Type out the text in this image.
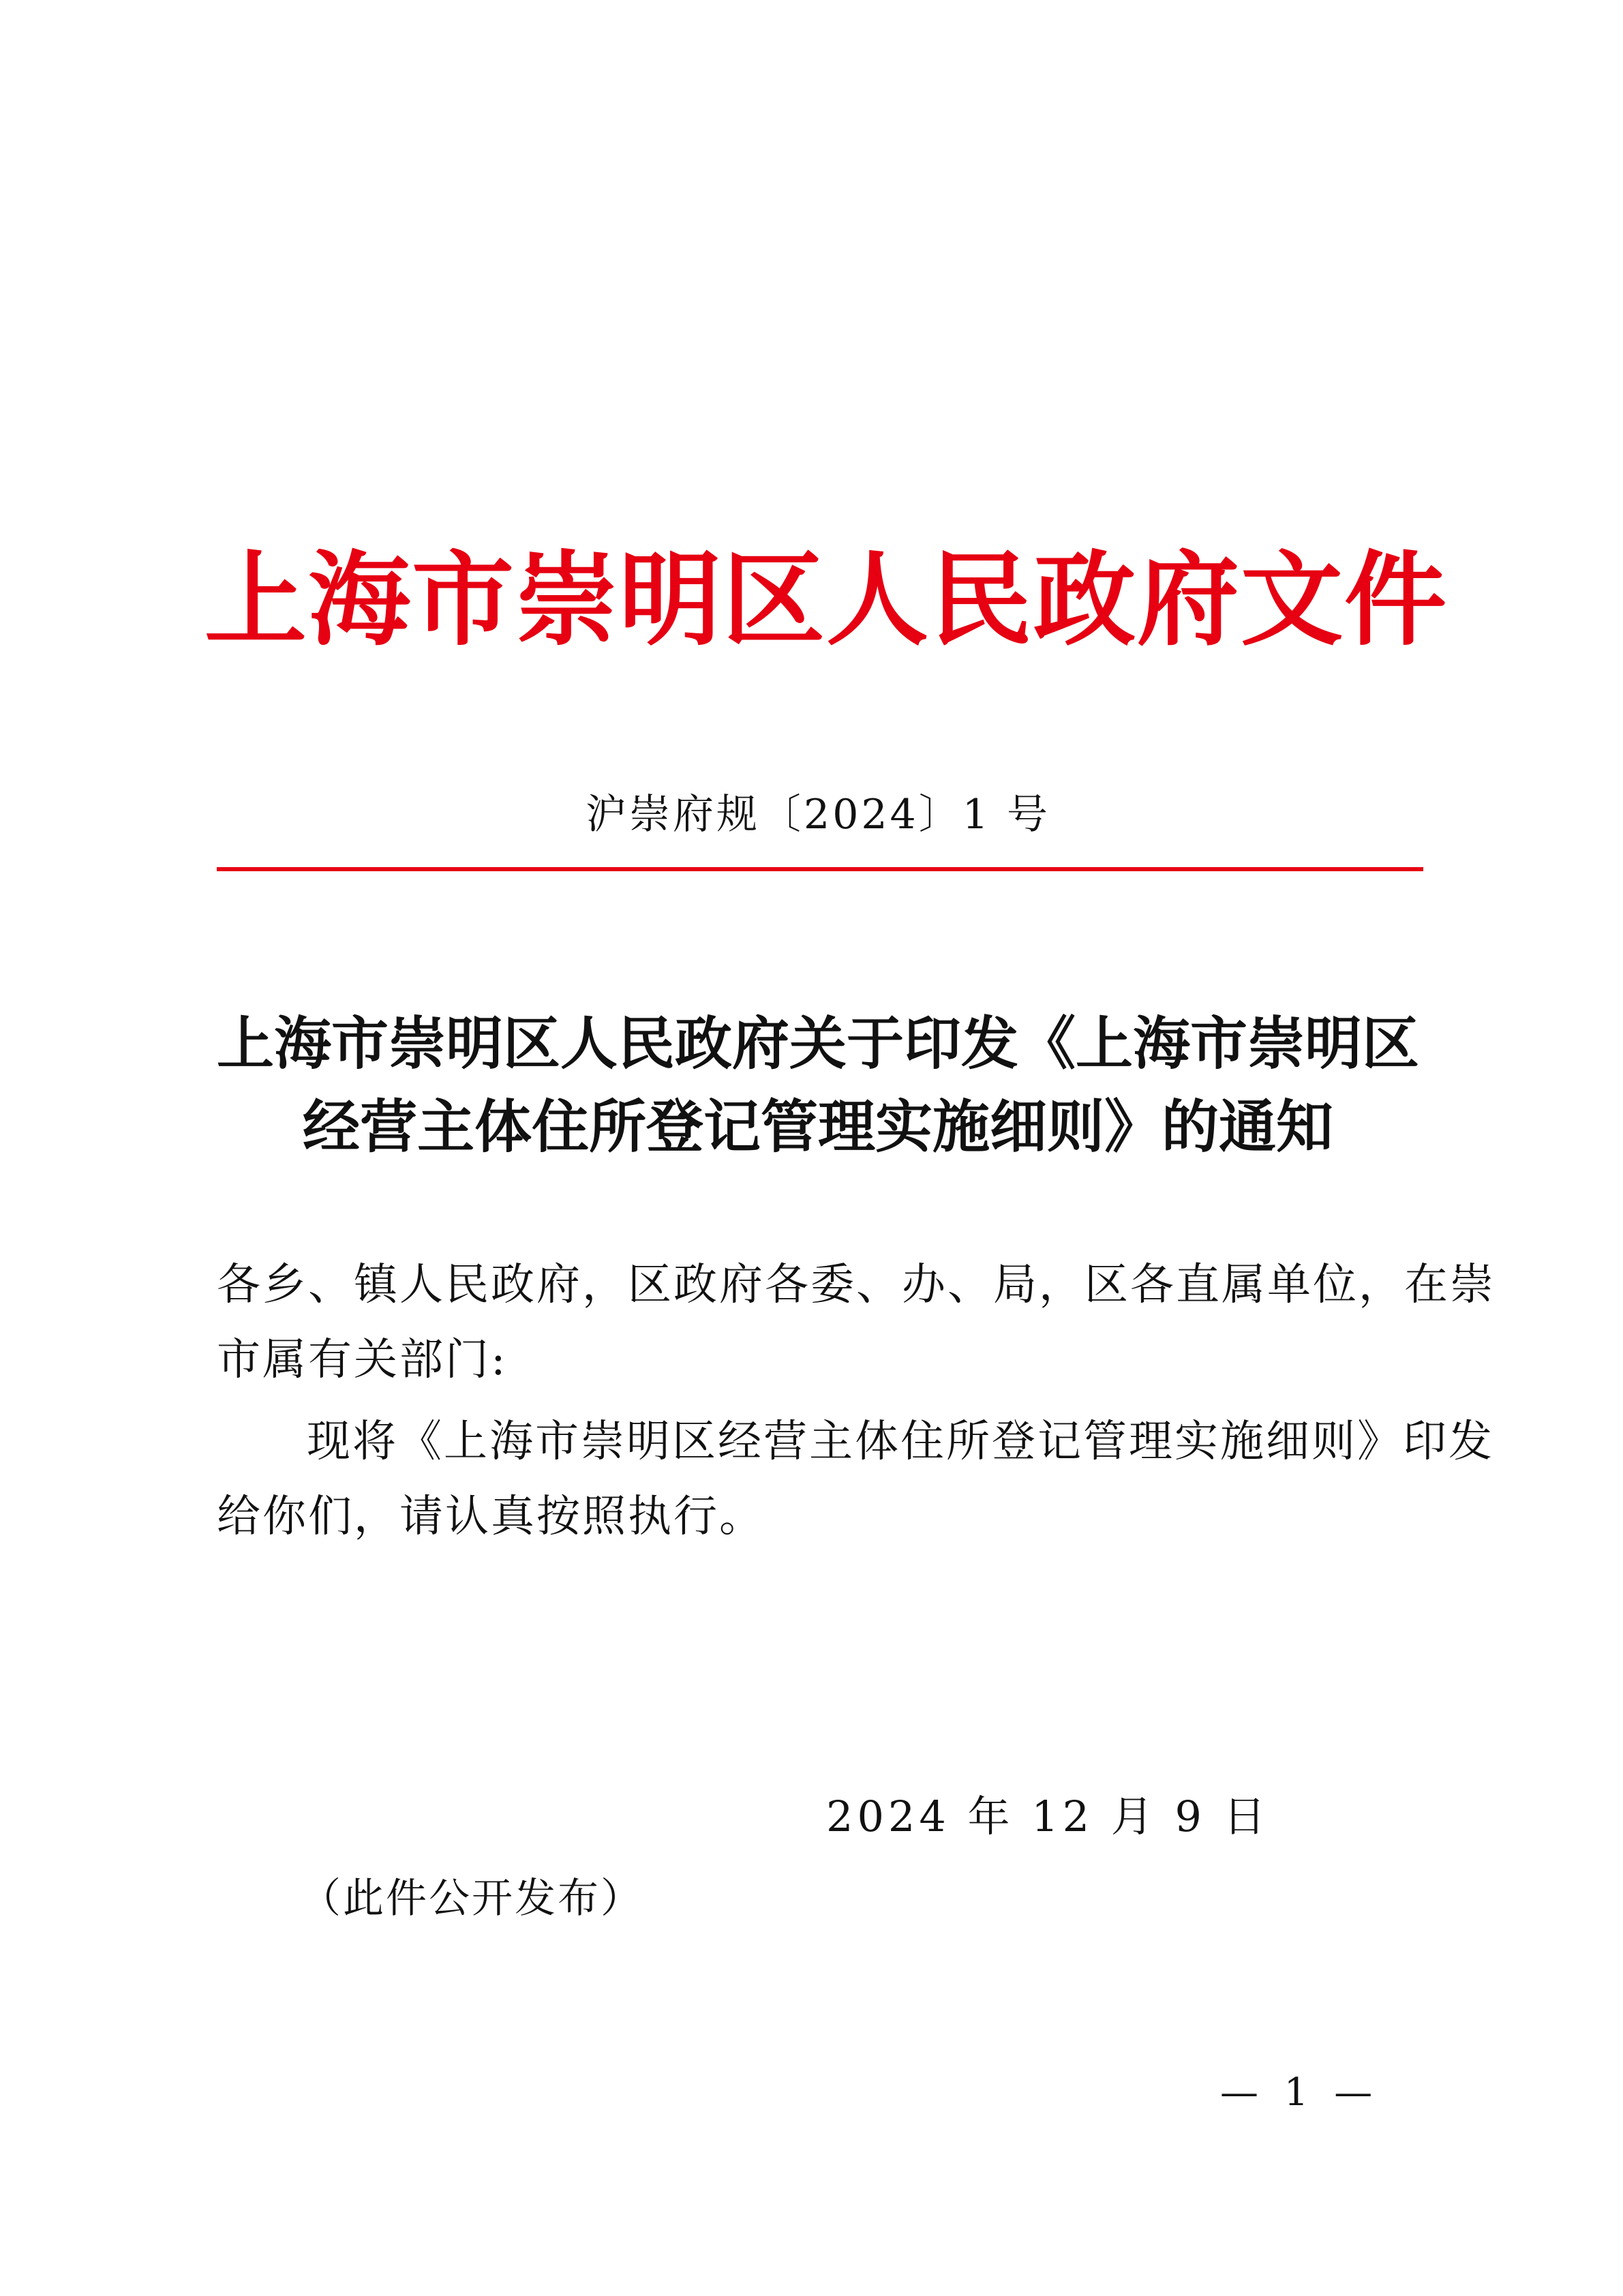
上海市崇明区人民政府文件
沪崇府规〔2024〕1 号
上海市崇明区人民政府关于印发《上海市崇明区
经营主体住所登记管理实施细则》的通知
各乡、镇人民政府，区政府各委、办、局，区各直属单位，在崇
市属有关部门:
现将《上海市崇明区经营主体住所登记管理实施细则》印发
给你们，请认真按照执行。
2024 年 12 月 9 日
（此件公开发布）
— 1 —
